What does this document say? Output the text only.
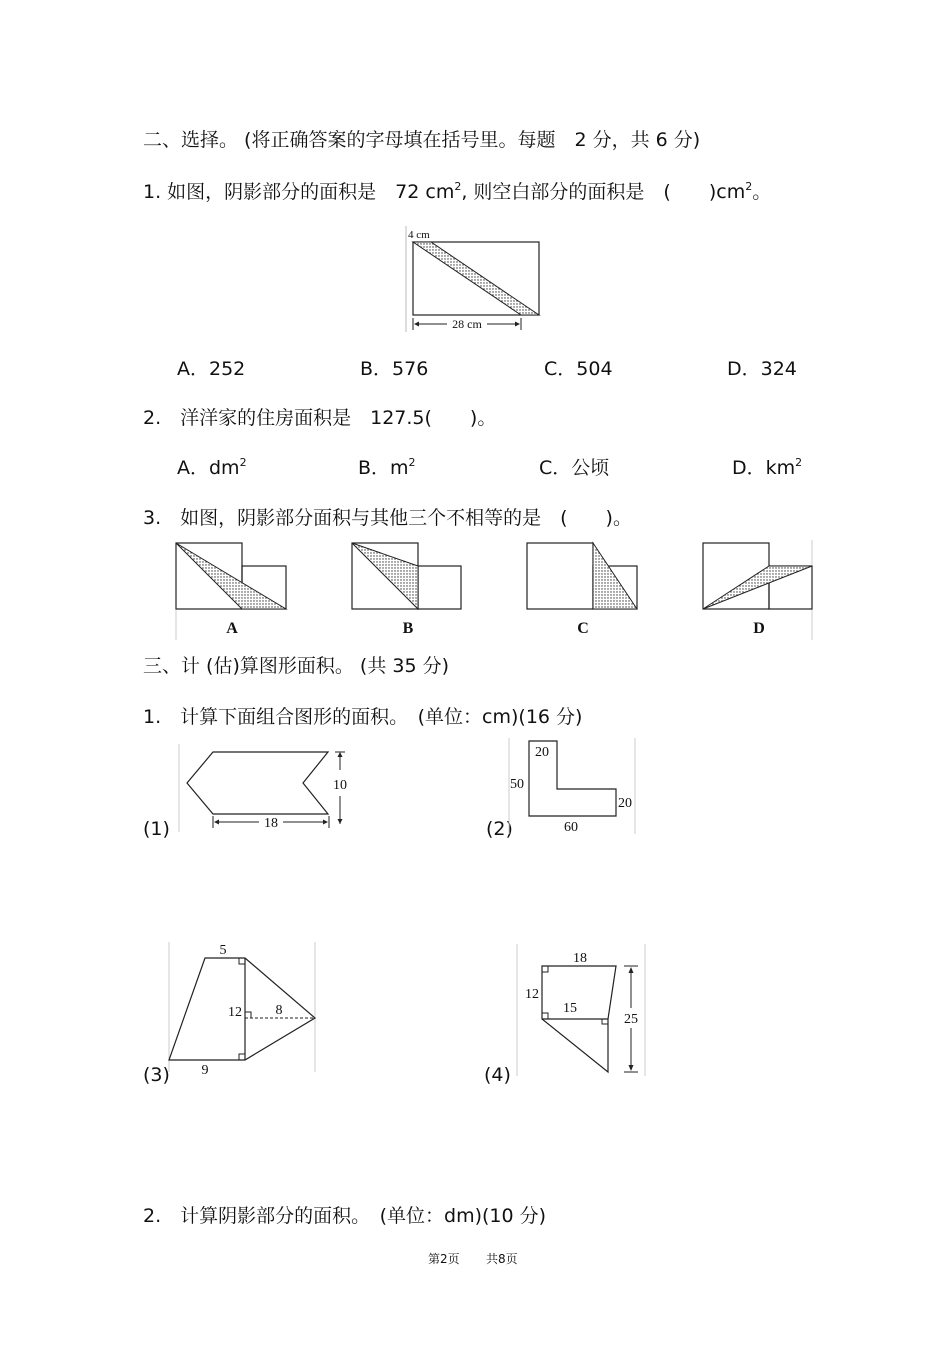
二、选择。 (将正确答案的字母填在括号里。每题　2 分，共 6 分)
1. 如图，阴影部分的面积是　72 $cm^2$, 则空白部分的面积是　(　　)$cm^2$。
4 cm
28 cm
A．252	B．576	C．504	D．324
2.　洋洋家的住房面积是　127.5(　　)。
A．$dm^2$	B．$m^2$	C．公顷	D．$km^2$
3.　如图，阴影部分面积与其他三个不相等的是　(　　)。
A	B	C	D
三、计 (估)算图形面积。 (共 35 分)
1.　计算下面组合图形的面积。　(单位：cm)(16 分)
(1)
10
18	(2)
20
50
20
60
(3)
5
12 8
9	(4)
18
12
15
25
2.　计算阴影部分的面积。　(单位：dm)(10 分)
第2页 共8页
